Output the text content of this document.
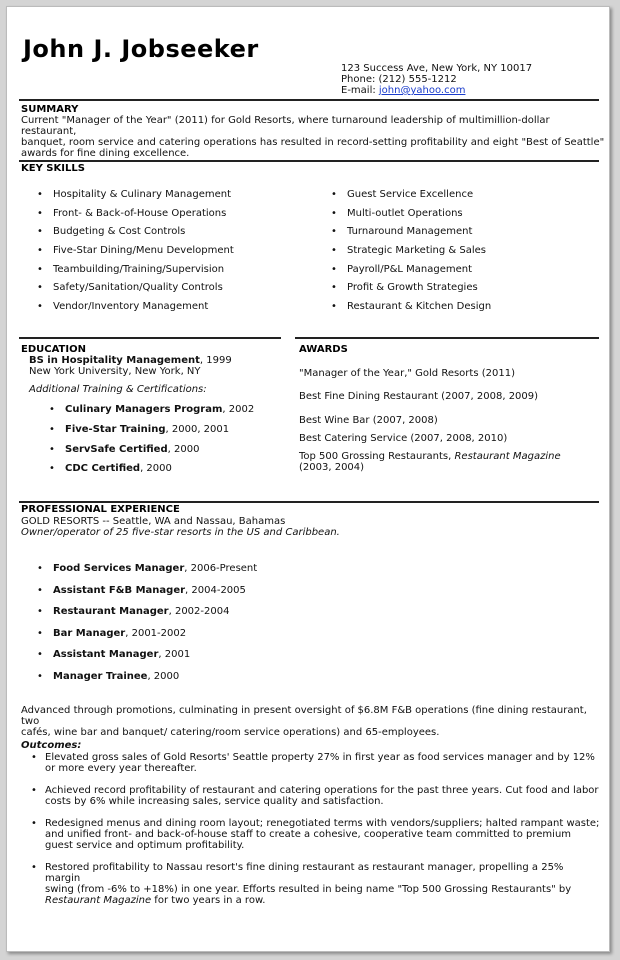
John J. Jobseeker
123 Success Ave, New York, NY 10017
Phone: (212) 555-1212
E-mail: john@yahoo.com
SUMMARY
Current "Manager of the Year" (2011) for Gold Resorts, where turnaround leadership of multimillion-dollar restaurant,
banquet, room service and catering operations has resulted in record-setting profitability and eight "Best of Seattle"
awards for fine dining excellence.
KEY SKILLS
• Hospitality & Culinary Management
• Front- & Back-of-House Operations
• Budgeting & Cost Controls
• Five-Star Dining/Menu Development
• Teambuilding/Training/Supervision
• Safety/Sanitation/Quality Controls
• Vendor/Inventory Management
• Guest Service Excellence
• Multi-outlet Operations
• Turnaround Management
• Strategic Marketing & Sales
• Payroll/P&L Management
• Profit & Growth Strategies
• Restaurant & Kitchen Design
EDUCATION
BS in Hospitality Management, 1999
New York University, New York, NY
Additional Training & Certifications:
• Culinary Managers Program, 2002
• Five-Star Training, 2000, 2001
• ServSafe Certified, 2000
• CDC Certified, 2000
AWARDS
"Manager of the Year," Gold Resorts (2011)
Best Fine Dining Restaurant (2007, 2008, 2009)
Best Wine Bar (2007, 2008)
Best Catering Service (2007, 2008, 2010)
Top 500 Grossing Restaurants, Restaurant Magazine
(2003, 2004)
PROFESSIONAL EXPERIENCE
GOLD RESORTS -- Seattle, WA and Nassau, Bahamas
Owner/operator of 25 five-star resorts in the US and Caribbean.
• Food Services Manager, 2006-Present
• Assistant F&B Manager, 2004-2005
• Restaurant Manager, 2002-2004
• Bar Manager, 2001-2002
• Assistant Manager, 2001
• Manager Trainee, 2000
Advanced through promotions, culminating in present oversight of $6.8M F&B operations (fine dining restaurant, two
cafés, wine bar and banquet/ catering/room service operations) and 65-employees.
Outcomes:
• Elevated gross sales of Gold Resorts' Seattle property 27% in first year as food services manager and by 12%
or more every year thereafter.
• Achieved record profitability of restaurant and catering operations for the past three years. Cut food and labor
costs by 6% while increasing sales, service quality and satisfaction.
• Redesigned menus and dining room layout; renegotiated terms with vendors/suppliers; halted rampant waste;
and unified front- and back-of-house staff to create a cohesive, cooperative team committed to premium
guest service and optimum profitability.
• Restored profitability to Nassau resort's fine dining restaurant as restaurant manager, propelling a 25% margin
swing (from -6% to +18%) in one year. Efforts resulted in being name "Top 500 Grossing Restaurants" by
Restaurant Magazine for two years in a row.
